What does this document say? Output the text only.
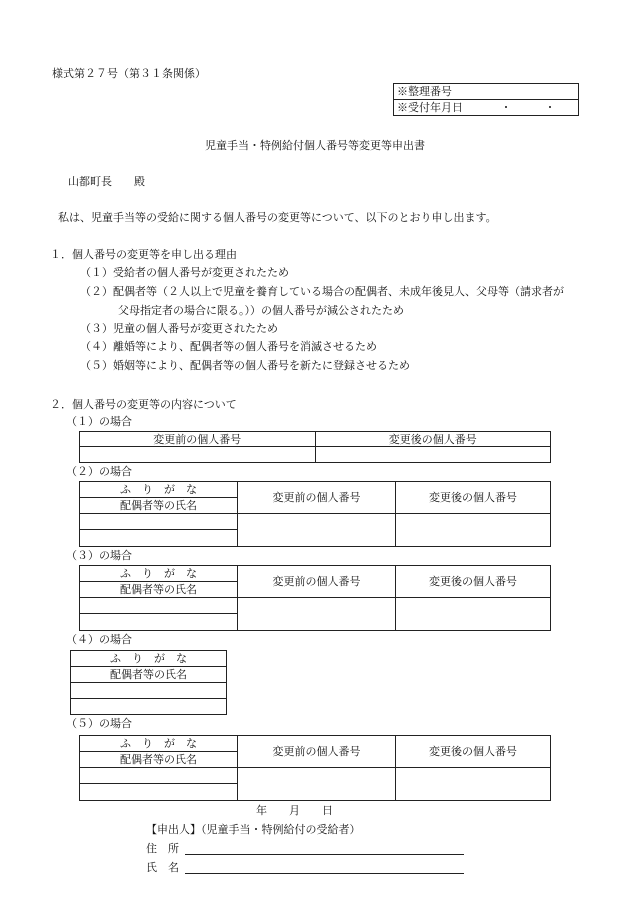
様式第２７号（第３１条関係）
※整理番号
※受付年月日	・　　　・
児童手当・特例給付個人番号等変更等申出書
山都町長　　殿
私は、児童手当等の受給に関する個人番号の変更等について、以下のとおり申し出ます。
１．個人番号の変更等を申し出る理由
（１）受給者の個人番号が変更されたため
（２）配偶者等（２人以上で児童を養育している場合の配偶者、未成年後見人、父母等（請求者が
父母指定者の場合に限る。））の個人番号が減公されたため
（３）児童の個人番号が変更されたため
（４）離婚等により、配偶者等の個人番号を消滅させるため
（５）婚姻等により、配偶者等の個人番号を新たに登録させるため
２．個人番号の変更等の内容について
（１）の場合
変更前の個人番号	変更後の個人番号

（２）の場合
ふ　り　が　な	変更前の個人番号	変更後の個人番号
配偶者等の氏名		

（３）の場合
ふ　り　が　な	変更前の個人番号	変更後の個人番号
配偶者等の氏名		

（４）の場合
ふ　り　が　な
配偶者等の氏名

（５）の場合
ふ　り　が　な	変更前の個人番号	変更後の個人番号
配偶者等の氏名		

年　　月　　日
【申出人】（児童手当・特例給付の受給者）
住　所
氏　名
